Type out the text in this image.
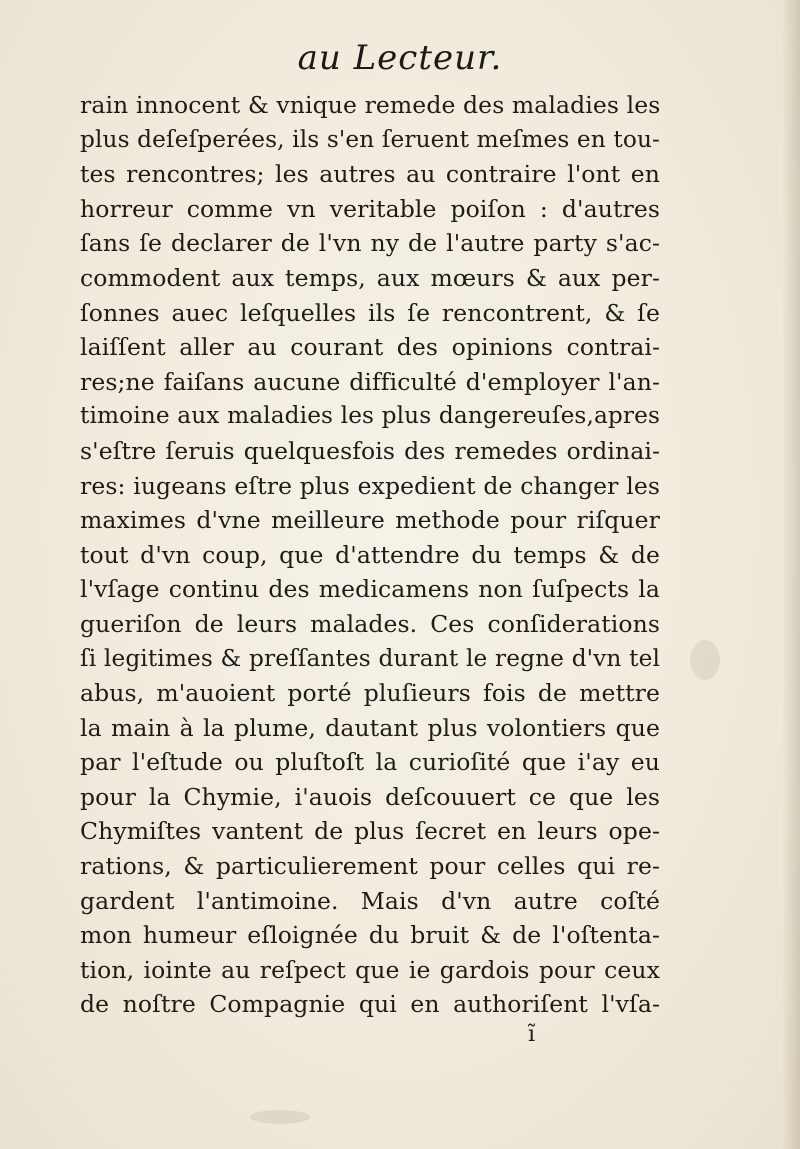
au Lecteur.
rain innocent & vnique remede des maladies les
plus deſeſperées, ils s'en ſeruent meſmes en tou-
tes rencontres; les autres au contraire l'ont en
horreur comme vn veritable poiſon : d'autres
ſans ſe declarer de l'vn ny de l'autre party s'ac-
commodent aux temps, aux mœurs & aux per-
ſonnes auec leſquelles ils ſe rencontrent, & ſe
laiſſent aller au courant des opinions contrai-
res;ne faiſans aucune difficulté d'employer l'an-
timoine aux maladies les plus dangereuſes,apres
s'eſtre ſeruis quelquesfois des remedes ordinai-
res: iugeans eſtre plus expedient de changer les
maximes d'vne meilleure methode pour riſquer
tout d'vn coup, que d'attendre du temps & de
l'vſage continu des medicamens non ſuſpects la
gueriſon de leurs malades. Ces conſiderations
ſi legitimes & preſſantes durant le regne d'vn tel
abus, m'auoient porté pluſieurs fois de mettre
la main à la plume, dautant plus volontiers que
par l'eſtude ou pluſtoſt la curioſité que i'ay eu
pour la Chymie, i'auois deſcouuert ce que les
Chymiſtes vantent de plus ſecret en leurs ope-
rations, & particulierement pour celles qui re-
gardent l'antimoine. Mais d'vn autre coſté
mon humeur eſloignée du bruit & de l'oſtenta-
tion, iointe au reſpect que ie gardois pour ceux
de noſtre Compagnie qui en authoriſent l'vſa-
ĩ
